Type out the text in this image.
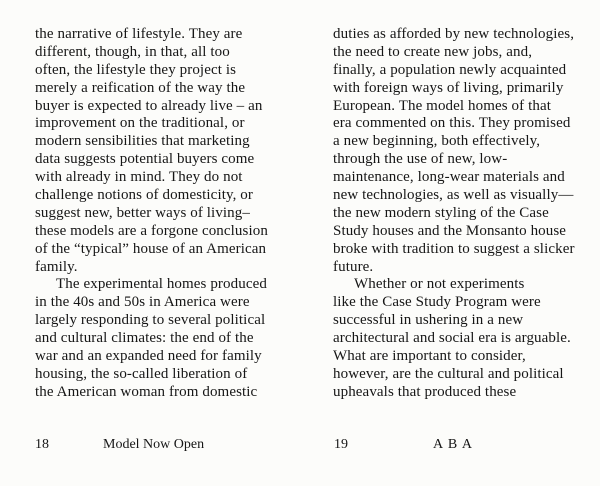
the narrative of lifestyle. They are
different, though, in that, all too
often, the lifestyle they project is
merely a reification of the way the
buyer is expected to already live – an
improvement on the traditional, or
modern sensibilities that marketing
data suggests potential buyers come
with already in mind. They do not
challenge notions of domesticity, or
suggest new, better ways of living–
these models are a forgone conclusion
of the “typical” house of an American
family.
The experimental homes produced
in the 40s and 50s in America were
largely responding to several political
and cultural climates: the end of the
war and an expanded need for family
housing, the so-called liberation of
the American woman from domestic
duties as afforded by new technologies,
the need to create new jobs, and,
finally, a population newly acquainted
with foreign ways of living, primarily
European. The model homes of that
era commented on this. They promised
a new beginning, both effectively,
through the use of new, low-
maintenance, long-wear materials and
new technologies, as well as visually—
the new modern styling of the Case
Study houses and the Monsanto house
broke with tradition to suggest a slicker
future.
Whether or not experiments
like the Case Study Program were
successful in ushering in a new
architectural and social era is arguable.
What are important to consider,
however, are the cultural and political
upheavals that produced these
18	Model Now Open	19	A B A
